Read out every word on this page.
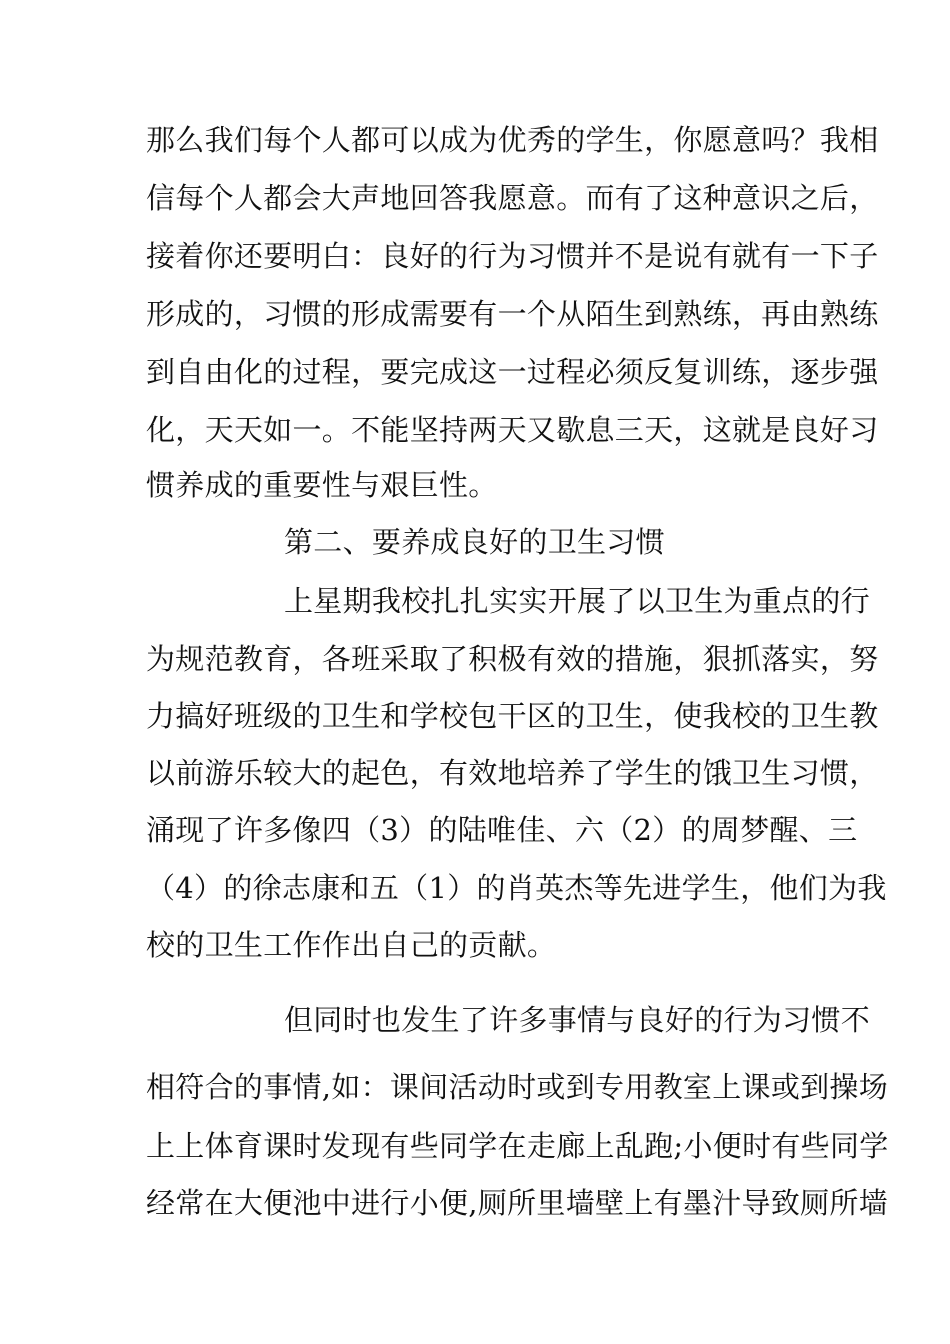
那么我们每个人都可以成为优秀的学生，你愿意吗？我相
信每个人都会大声地回答我愿意。而有了这种意识之后，
接着你还要明白：良好的行为习惯并不是说有就有一下子
形成的，习惯的形成需要有一个从陌生到熟练，再由熟练
到自由化的过程，要完成这一过程必须反复训练，逐步强
化，天天如一。不能坚持两天又歇息三天，这就是良好习
惯养成的重要性与艰巨性。
第二、要养成良好的卫生习惯
上星期我校扎扎实实开展了以卫生为重点的行
为规范教育，各班采取了积极有效的措施，狠抓落实，努
力搞好班级的卫生和学校包干区的卫生，使我校的卫生教
以前游乐较大的起色，有效地培养了学生的饿卫生习惯，
涌现了许多像四（3）的陆唯佳、六（2）的周梦醒、三
（4）的徐志康和五（1）的肖英杰等先进学生，他们为我
校的卫生工作作出自己的贡献。
但同时也发生了许多事情与良好的行为习惯不
相符合的事情,如：课间活动时或到专用教室上课或到操场
上上体育课时发现有些同学在走廊上乱跑;小便时有些同学
经常在大便池中进行小便,厕所里墙壁上有墨汁导致厕所墙
